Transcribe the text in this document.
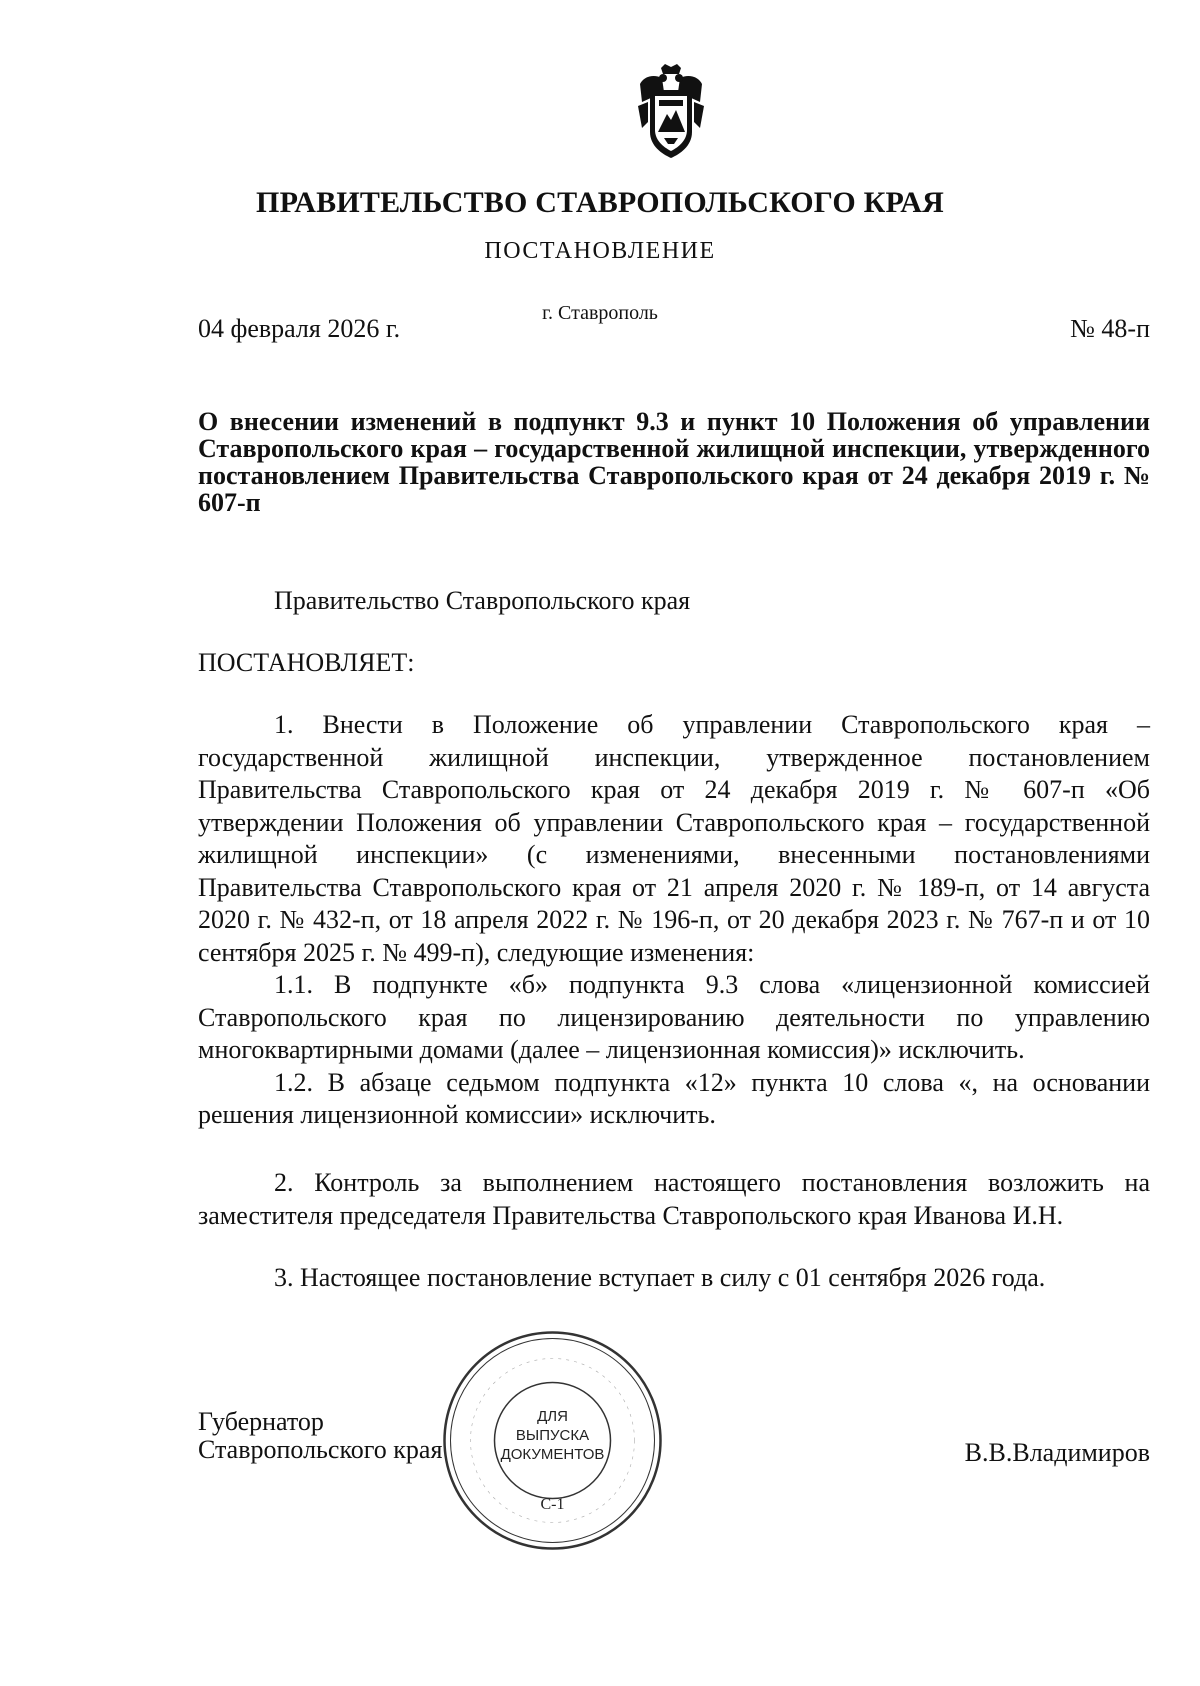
ПРАВИТЕЛЬСТВО СТАВРОПОЛЬСКОГО КРАЯ
ПОСТАНОВЛЕНИЕ
г. Ставрополь
04 февраля 2026 г.	№ 48-п
О внесении изменений в подпункт 9.3 и пункт 10 Положения об управлении Ставропольского края – государственной жилищной инспекции, утвержденного постановлением Правительства Ставропольского края от 24 декабря 2019 г. № 607-п
Правительство Ставропольского края
ПОСТАНОВЛЯЕТ:

1. Внести в Положение об управлении Ставропольского края – государственной жилищной инспекции, утвержденное постановлением Правительства Ставропольского края от 24 декабря 2019 г. № 607-п «Об утверждении Положения об управлении Ставропольского края – государственной жилищной инспекции» (с изменениями, внесенными постановлениями Правительства Ставропольского края от 21 апреля 2020 г. № 189-п, от 14 августа 2020 г. № 432-п, от 18 апреля 2022 г. № 196-п, от 20 декабря 2023 г. № 767-п и от 10 сентября 2025 г. № 499-п), следующие изменения:

1.1. В подпункте «б» подпункта 9.3 слова «лицензионной комиссией Ставропольского края по лицензированию деятельности по управлению многоквартирными домами (далее – лицензионная комиссия)» исключить.

1.2. В абзаце седьмом подпункта «12» пункта 10 слова «, на основании решения лицензионной комиссии» исключить.

2. Контроль за выполнением настоящего постановления возложить на заместителя председателя Правительства Ставропольского края Иванова И.Н.

3. Настоящее постановление вступает в силу с 01 сентября 2026 года.

Губернатор
Ставропольского края	В.В.Владимиров
ДЛЯ
ВЫПУСКА
ДОКУМЕНТОВ
С-1
